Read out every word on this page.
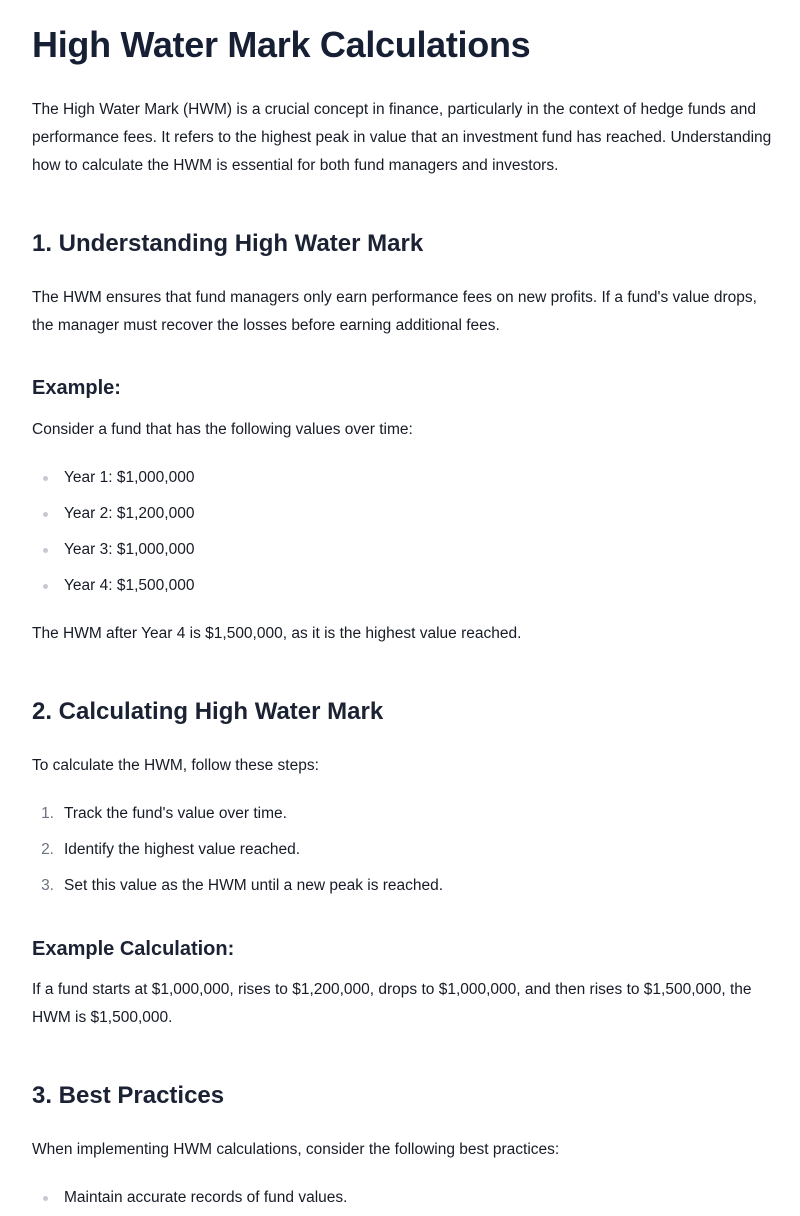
High Water Mark Calculations

The High Water Mark (HWM) is a crucial concept in finance, particularly in the context of hedge funds and performance fees. It refers to the highest peak in value that an investment fund has reached. Understanding how to calculate the HWM is essential for both fund managers and investors.

1. Understanding High Water Mark

The HWM ensures that fund managers only earn performance fees on new profits. If a fund's value drops, the manager must recover the losses before earning additional fees.

Example:

Consider a fund that has the following values over time:

Year 1: $1,000,000
Year 2: $1,200,000
Year 3: $1,000,000
Year 4: $1,500,000

The HWM after Year 4 is $1,500,000, as it is the highest value reached.

2. Calculating High Water Mark

To calculate the HWM, follow these steps:

1. Track the fund's value over time.
2. Identify the highest value reached.
3. Set this value as the HWM until a new peak is reached.
Example Calculation:

If a fund starts at $1,000,000, rises to $1,200,000, drops to $1,000,000, and then rises to $1,500,000, the HWM is $1,500,000.

3. Best Practices

When implementing HWM calculations, consider the following best practices:

Maintain accurate records of fund values.
